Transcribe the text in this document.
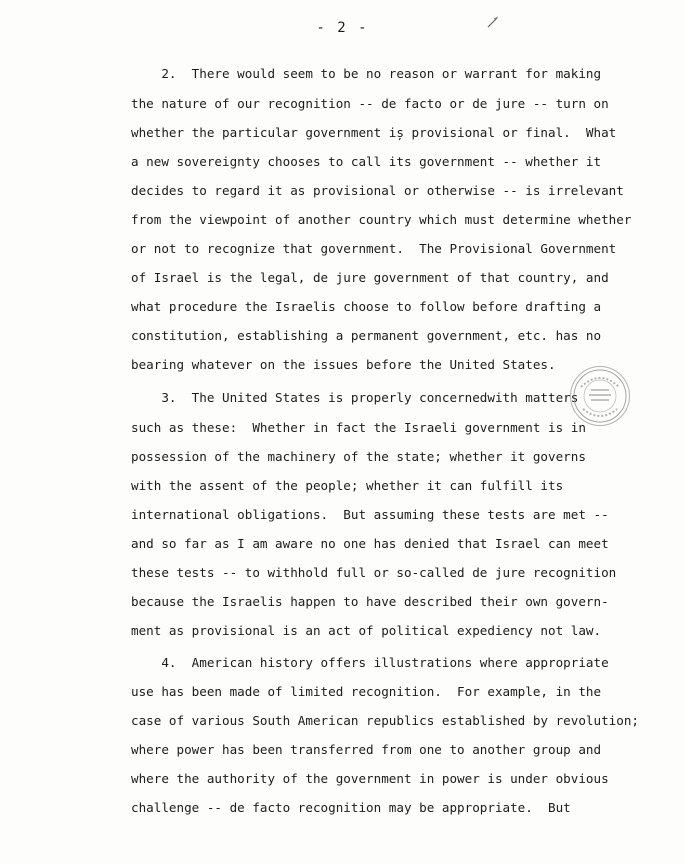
- 2 -
2.  There would seem to be no reason or warrant for making
the nature of our recognition -- de facto or de jure -- turn on
whether the particular government iș provisional or final.  What
a new sovereignty chooses to call its government -- whether it
decides to regard it as provisional or otherwise -- is irrelevant
from the viewpoint of another country which must determine whether
or not to recognize that government.  The Provisional Government
of Israel is the legal, de jure government of that country, and
what procedure the Israelis choose to follow before drafting a
constitution, establishing a permanent government, etc. has no
bearing whatever on the issues before the United States.
3.  The United States is properly concernedwith matters
such as these:  Whether in fact the Israeli government is in
possession of the machinery of the state; whether it governs
with the assent of the people; whether it can fulfill its
international obligations.  But assuming these tests are met --
and so far as I am aware no one has denied that Israel can meet
these tests -- to withhold full or so-called de jure recognition
because the Israelis happen to have described their own govern-
ment as provisional is an act of political expediency not law.
4.  American history offers illustrations where appropriate
use has been made of limited recognition.  For example, in the
case of various South American republics established by revolution;
where power has been transferred from one to another group and
where the authority of the government in power is under obvious
challenge -- de facto recognition may be appropriate.  But
